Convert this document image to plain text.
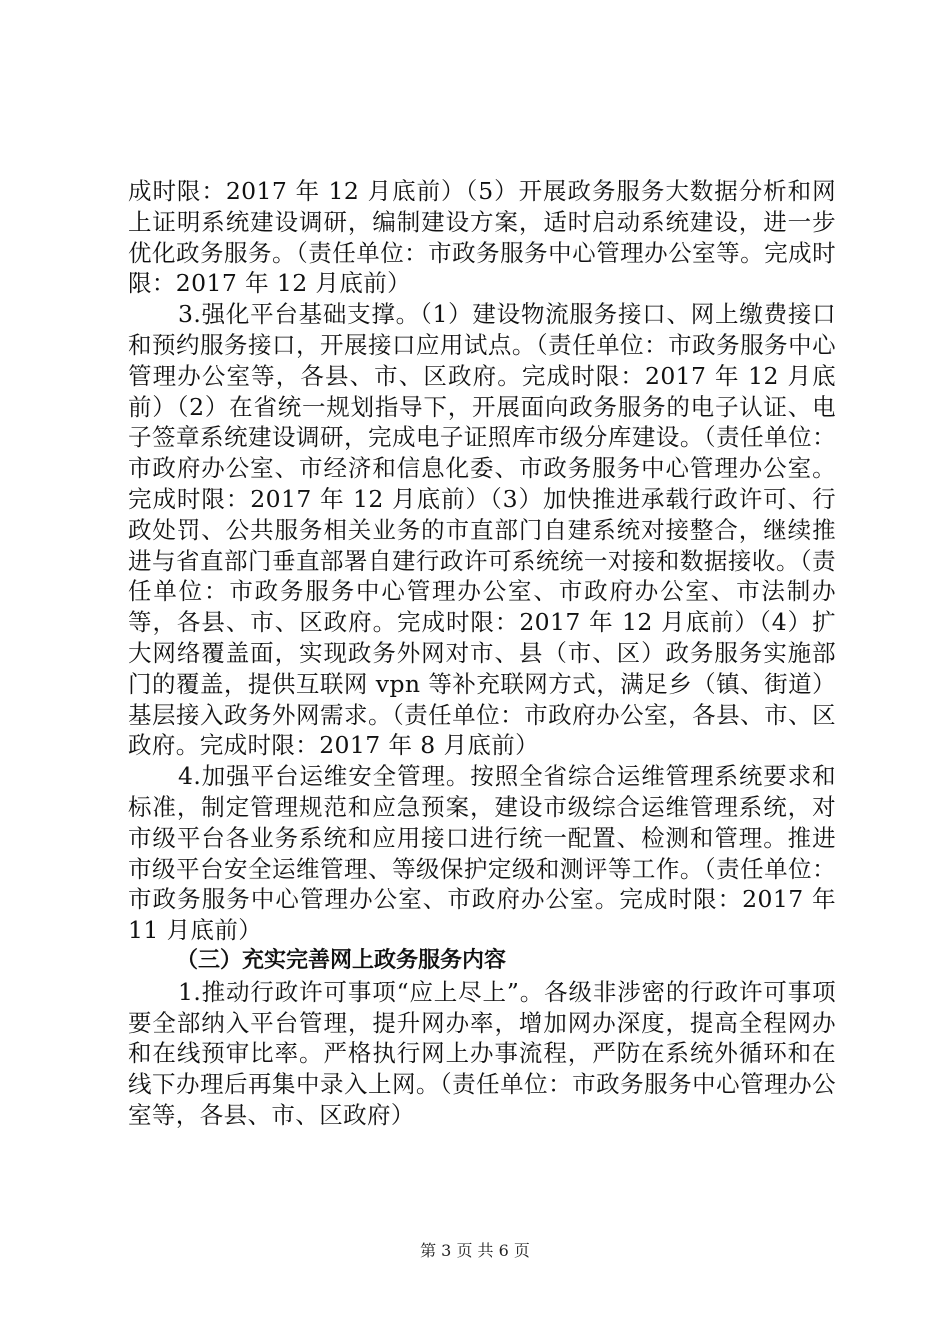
成时限：2017 年 12 月底前）（5）开展政务服务大数据分析和网上证明系统建设调研，编制建设方案，适时启动系统建设，进一步优化政务服务。（责任单位：市政务服务中心管理办公室等。完成时限：2017 年 12 月底前）

3.强化平台基础支撑。（1）建设物流服务接口、网上缴费接口和预约服务接口，开展接口应用试点。（责任单位：市政务服务中心管理办公室等，各县、市、区政府。完成时限：2017 年 12 月底前）（2）在省统一规划指导下，开展面向政务服务的电子认证、电子签章系统建设调研，完成电子证照库市级分库建设。（责任单位：市政府办公室、市经济和信息化委、市政务服务中心管理办公室。完成时限：2017 年 12 月底前）（3）加快推进承载行政许可、行政处罚、公共服务相关业务的市直部门自建系统对接整合，继续推进与省直部门垂直部署自建行政许可系统统一对接和数据接收。（责任单位：市政务服务中心管理办公室、市政府办公室、市法制办等，各县、市、区政府。完成时限：2017 年 12 月底前）（4）扩大网络覆盖面，实现政务外网对市、县（市、区）政务服务实施部门的覆盖，提供互联网 vpn 等补充联网方式，满足乡（镇、街道）基层接入政务外网需求。（责任单位：市政府办公室，各县、市、区政府。完成时限：2017 年 8 月底前）

4.加强平台运维安全管理。按照全省综合运维管理系统要求和标准，制定管理规范和应急预案，建设市级综合运维管理系统，对市级平台各业务系统和应用接口进行统一配置、检测和管理。推进市级平台安全运维管理、等级保护定级和测评等工作。（责任单位：市政务服务中心管理办公室、市政府办公室。完成时限：2017 年 11 月底前）

（三）充实完善网上政务服务内容

1.推动行政许可事项“应上尽上”。各级非涉密的行政许可事项要全部纳入平台管理，提升网办率，增加网办深度，提高全程网办和在线预审比率。严格执行网上办事流程，严防在系统外循环和在线下办理后再集中录入上网。（责任单位：市政务服务中心管理办公室等，各县、市、区政府）

第 3 页 共 6 页
